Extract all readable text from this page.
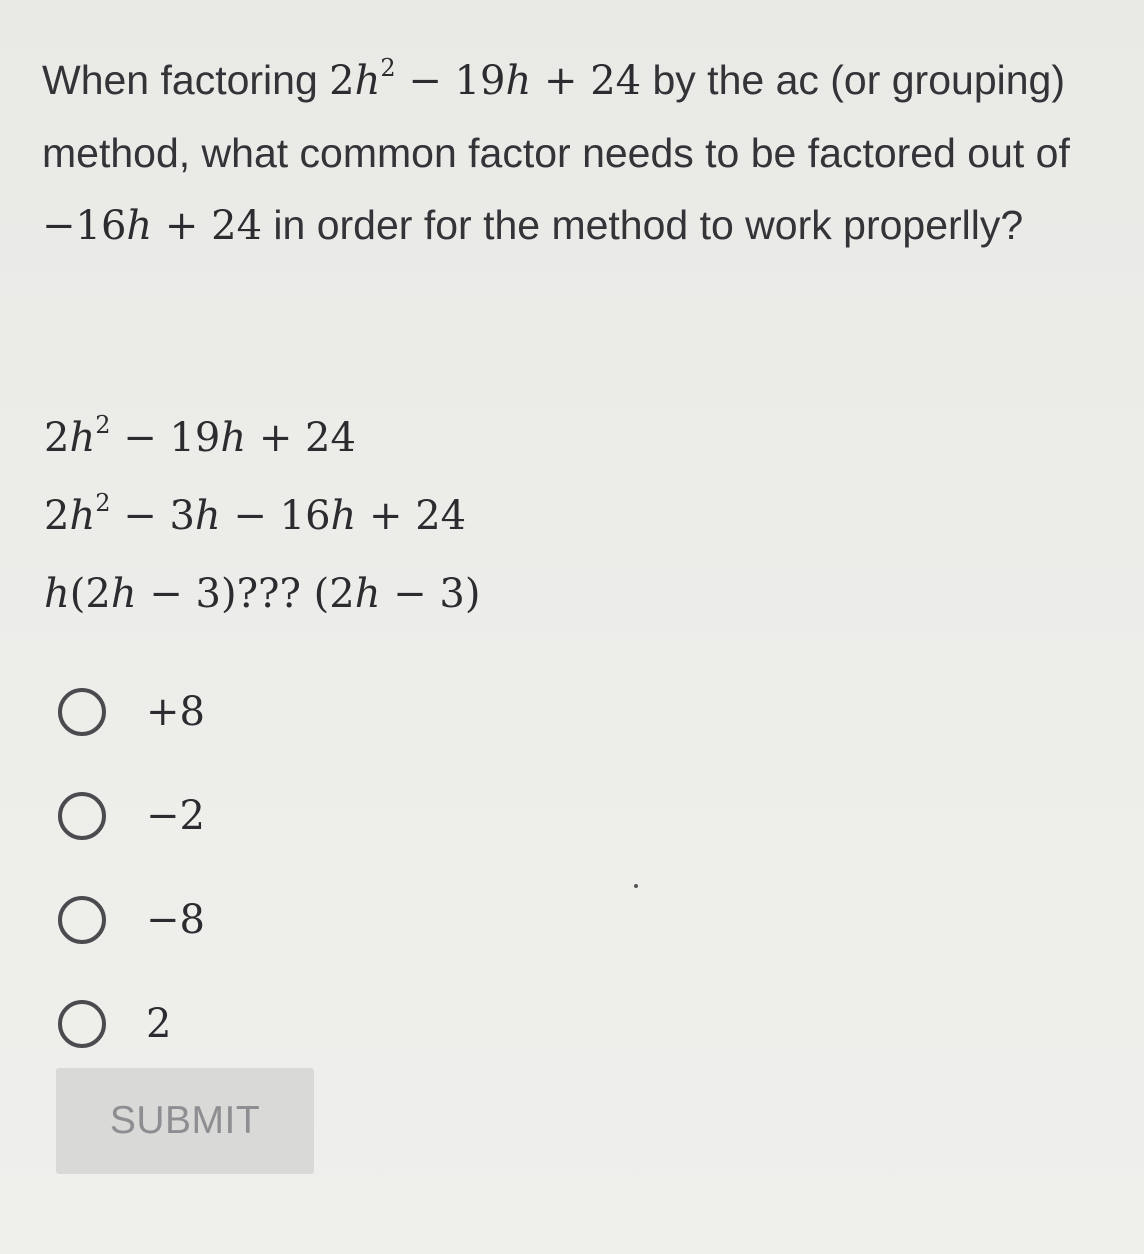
When factoring $2h^2 - 19h + 24$ by the ac (or grouping) method, what common factor needs to be factored out of −16h + 24 in order for the method to work properlly?
$2h^2 - 19h + 24$
$2h^2 - 3h - 16h + 24$
h(2h − 3)??? (2h − 3)
+8
−2
−8
2
SUBMIT
